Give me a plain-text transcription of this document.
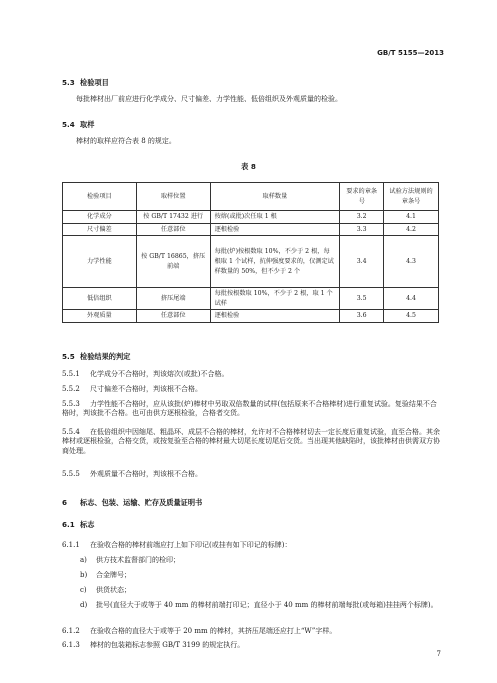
GB/T 5155—2013
5.3 检验项目
每批棒材出厂前应进行化学成分、尺寸偏差、力学性能、低倍组织及外观质量的检验。
5.4 取样
棒材的取样应符合表 8 的规定。
表 8
检验项目	取样位置	取样数量	要求的章条号	试验方法规则的章条号
化学成分	按 GB/T 17432 进行	按熔(或批)次任取 1 根	3.2	4.1
尺寸偏差	任意部位	逐根检验	3.3	4.2
力学性能	按 GB/T 16865，挤压前端	每批(炉)按根数取 10%，不少于 2 根，每根取 1 个试样，抗伸强度要求的，仅测定试样数量的 50%，但不少于 2 个	3.4	4.3
低倍组织	挤压尾端	每批按根数取 10%，不少于 2 根，取 1 个试样	3.5	4.4
外观质量	任意部位	逐根检验	3.6	4.5
5.5 检验结果的判定
5.5.1 化学成分不合格时，判该熔次(或批)不合格。
5.5.2 尺寸偏差不合格时，判该根不合格。
5.5.3 力学性能不合格时，应从该批(炉)棒材中另取双倍数量的试样(包括原来不合格棒材)进行重复试验。复验结果不合格时，判该批不合格。也可由供方逐根检验，合格者交货。
5.5.4 在低倍组织中因缩尾、粗晶环、成层不合格的棒材，允许对不合格棒材切去一定长度后重复试验，直至合格。其余棒材或逐根检验，合格交货，或按复验至合格的棒材最大切尾长度切尾后交货。当出现其他缺陷时，该批棒材由供需双方协商处理。
5.5.5 外观质量不合格时，判该根不合格。
6 标志、包装、运输、贮存及质量证明书
6.1 标志
6.1.1 在验收合格的棒材前端应打上如下印记(或挂有如下印记的标牌)：
a) 供方技术监督部门的检印；
b) 合金牌号；
c) 供货状态；
d) 批号(直径大于或等于 40 mm 的棒材前端打印记；直径小于 40 mm 的棒材前端每批(或每箱)挂挂两个标牌)。
6.1.2 在验收合格的直径大于或等于 20 mm 的棒材，其挤压尾端还应打上“W”字样。
6.1.3 棒材的包装箱标志参照 GB/T 3199 的规定执行。
7
